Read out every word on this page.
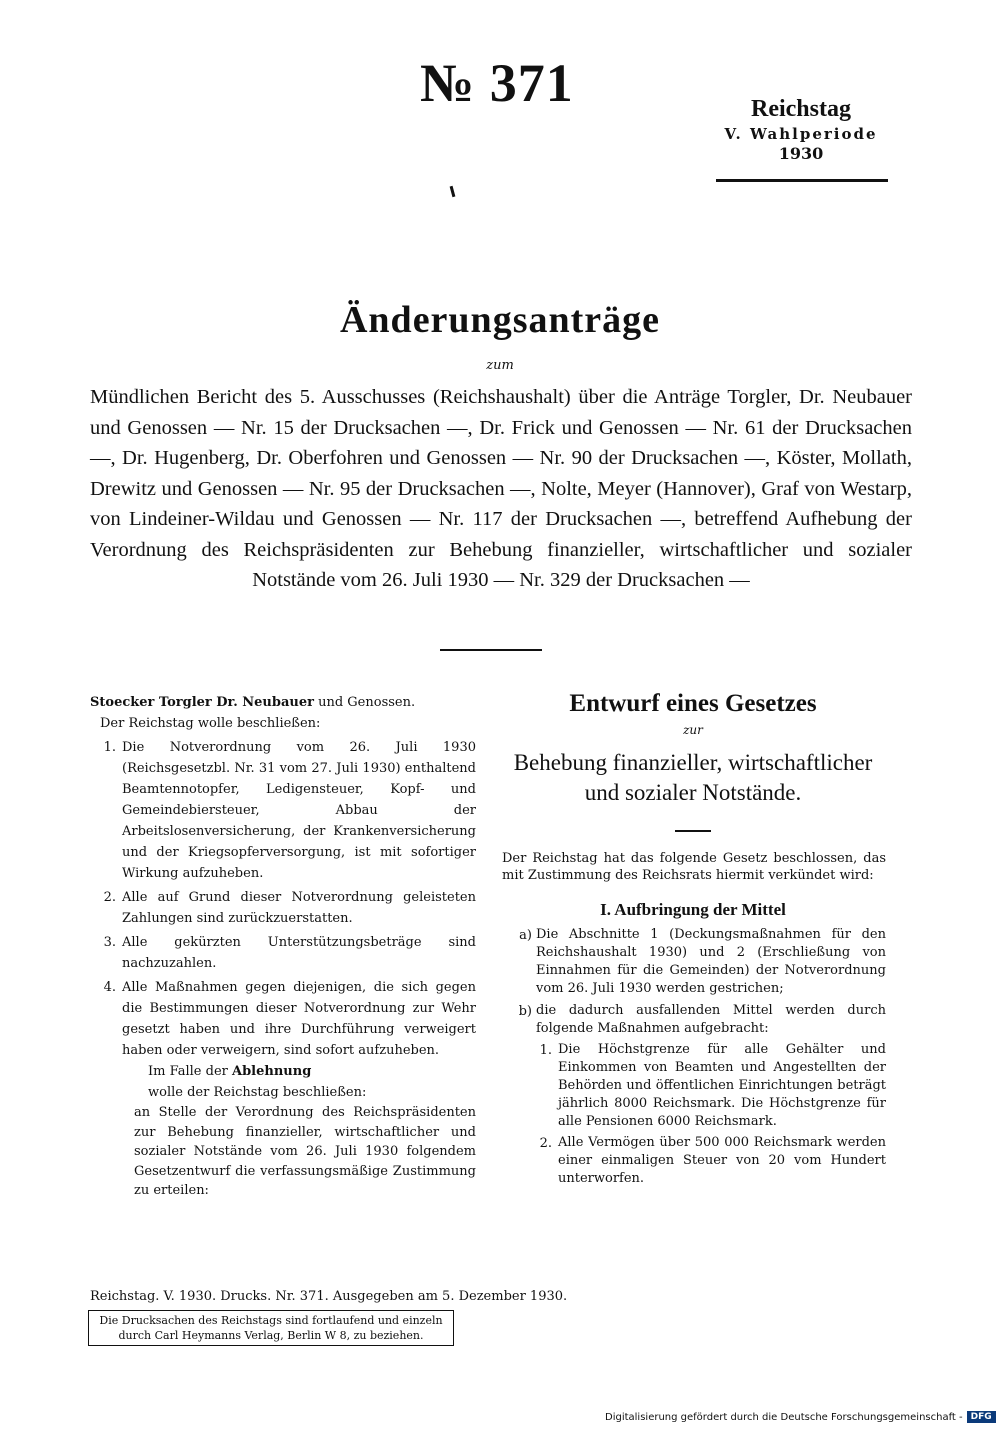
№ 371	Reichstag
V. Wahlperiode
1930
Änderungsanträge
zum
Mündlichen Bericht des 5. Ausschusses (Reichshaushalt) über die Anträge Torgler, Dr. Neubauer und Genossen — Nr. 15 der Drucksachen —, Dr. Frick und Genossen — Nr. 61 der Drucksachen —, Dr. Hugenberg, Dr. Oberfohren und Genossen — Nr. 90 der Drucksachen —, Köster, Mollath, Drewitz und Genossen — Nr. 95 der Drucksachen —, Nolte, Meyer (Hannover), Graf von Westarp, von Lindeiner-Wildau und Genossen — Nr. 117 der Drucksachen —, betreffend Aufhebung der Verordnung des Reichspräsidenten zur Behebung finanzieller, wirtschaftlicher und sozialer Notstände vom 26. Juli 1930 — Nr. 329 der Drucksachen —

Stoecker Torgler Dr. Neubauer und Genossen.

Der Reichstag wolle beschließen:

1. Die Notverordnung vom 26. Juli 1930 (Reichsgesetzbl. Nr. 31 vom 27. Juli 1930) enthaltend Beamtennotopfer, Ledigensteuer, Kopf- und Gemeindebiersteuer, Abbau der Arbeitslosenversicherung, der Krankenversicherung und der Kriegsopferversorgung, ist mit sofortiger Wirkung aufzuheben.
2. Alle auf Grund dieser Notverordnung geleisteten Zahlungen sind zurückzuerstatten.
3. Alle gekürzten Unterstützungsbeträge sind nachzuzahlen.
4. Alle Maßnahmen gegen diejenigen, die sich gegen die Bestimmungen dieser Notverordnung zur Wehr gesetzt haben und ihre Durchführung verweigert haben oder verweigern, sind sofort aufzuheben.

Im Falle der Ablehnung

wolle der Reichstag beschließen:

an Stelle der Verordnung des Reichspräsidenten zur Behebung finanzieller, wirtschaftlicher und sozialer Notstände vom 26. Juli 1930 folgendem Gesetzentwurf die verfassungsmäßige Zustimmung zu erteilen:

Entwurf eines Gesetzes
zur
Behebung finanzieller, wirtschaftlicher und sozialer Notstände.
Der Reichstag hat das folgende Gesetz beschlossen, das mit Zustimmung des Reichsrats hiermit verkündet wird:
I. Aufbringung der Mittel
a) Die Abschnitte 1 (Deckungsmaßnahmen für den Reichshaushalt 1930) und 2 (Erschließung von Einnahmen für die Gemeinden) der Notverordnung vom 26. Juli 1930 werden gestrichen;
b) die dadurch ausfallenden Mittel werden durch folgende Maßnahmen aufgebracht:
1. Die Höchstgrenze für alle Gehälter und Einkommen von Beamten und Angestellten der Behörden und öffentlichen Einrichtungen beträgt jährlich 8000 Reichsmark. Die Höchstgrenze für alle Pensionen 6000 Reichsmark.
2. Alle Vermögen über 500 000 Reichsmark werden einer einmaligen Steuer von 20 vom Hundert unterworfen.
Reichstag. V. 1930. Drucks. Nr. 371. Ausgegeben am 5. Dezember 1930.
Die Drucksachen des Reichstags sind fortlaufend und einzeln durch Carl Heymanns Verlag, Berlin W 8, zu beziehen.
Digitalisierung gefördert durch die Deutsche Forschungsgemeinschaft - DFG
